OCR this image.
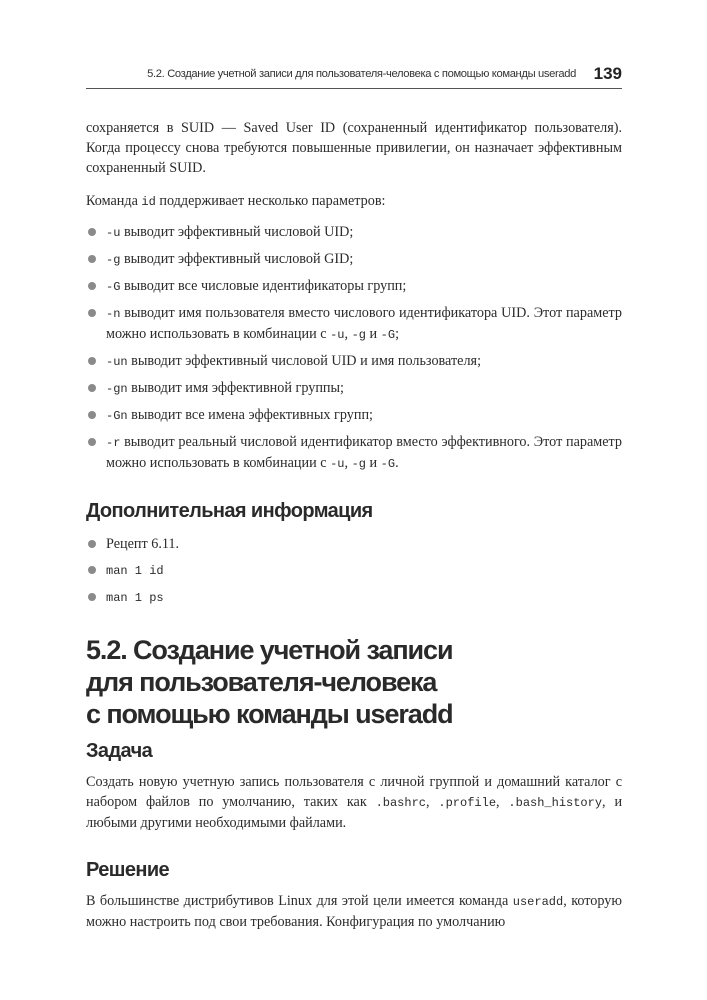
5.2. Создание учетной записи для пользователя-человека с помощью команды useradd 139

сохраняется в SUID — Saved User ID (сохраненный идентификатор пользователя). Когда процессу снова требуются повышенные привилегии, он назначает эффективным сохраненный SUID.

Команда id поддерживает несколько параметров:

-u выводит эффективный числовой UID;
-g выводит эффективный числовой GID;
-G выводит все числовые идентификаторы групп;
-n выводит имя пользователя вместо числового идентификатора UID. Этот параметр можно использовать в комбинации с -u, -g и -G;
-un выводит эффективный числовой UID и имя пользователя;
-gn выводит имя эффективной группы;
-Gn выводит все имена эффективных групп;
-r выводит реальный числовой идентификатор вместо эффективного. Этот параметр можно использовать в комбинации с -u, -g и -G.
Дополнительная информация
Рецепт 6.11.
man 1 id
man 1 ps
5.2. Создание учетной записи
для пользователя-человека
с помощью команды useradd
Задача

Создать новую учетную запись пользователя с личной группой и домашний каталог с набором файлов по умолчанию, таких как .bashrc, .profile, .bash_history, и любыми другими необходимыми файлами.

Решение

В большинстве дистрибутивов Linux для этой цели имеется команда useradd, которую можно настроить под свои требования. Конфигурация по умолчанию
